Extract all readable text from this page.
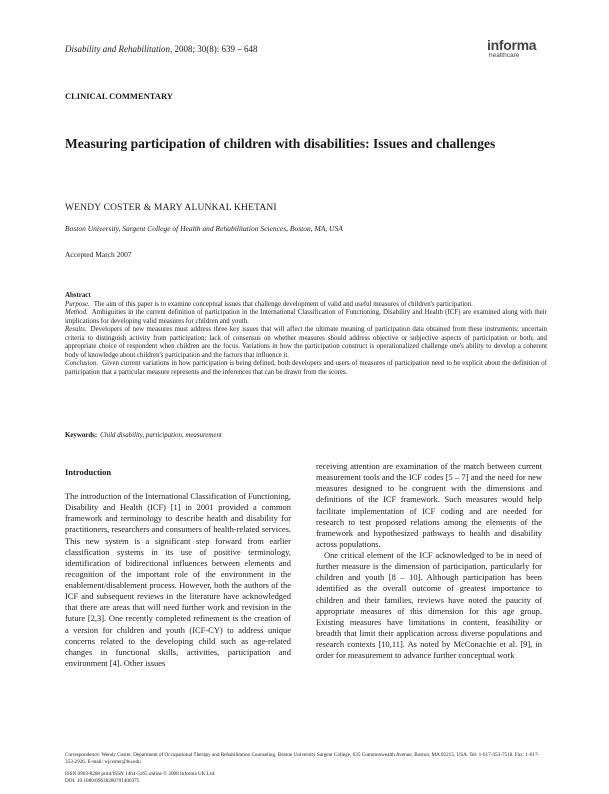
Disability and Rehabilitation, 2008; 30(8): 639 – 648	informa
healthcare
CLINICAL COMMENTARY
Measuring participation of children with disabilities: Issues and challenges
WENDY COSTER & MARY ALUNKAL KHETANI
Boston University, Sargent College of Health and Rehabilitation Sciences, Boston, MA, USA
Accepted March 2007

Abstract

Purpose. The aim of this paper is to examine conceptual issues that challenge development of valid and useful measures of children's participation.

Method. Ambiguities in the current definition of participation in the International Classification of Functioning, Disability and Health (ICF) are examined along with their implications for developing valid measures for children and youth.

Results. Developers of new measures must address three key issues that will affect the ultimate meaning of participation data obtained from these instruments: uncertain criteria to distinguish activity from participation; lack of consensus on whether measures should address objective or subjective aspects of participation or both; and appropriate choice of respondent when children are the focus. Variations in how the participation construct is operationalized challenge one's ability to develop a coherent body of knowledge about children's participation and the factors that influence it.

Conclusion. Given current variations in how participation is being defined, both developers and users of measures of participation need to be explicit about the definition of participation that a particular measure represents and the inferences that can be drawn from the scores.

Keywords: Child disability, participation, measurement
Introduction

The introduction of the International Classification of Functioning, Disability and Health (ICF) [1] in 2001 provided a common framework and terminology to describe health and disability for practitioners, researchers and consumers of health-related services. This new system is a significant step forward from earlier classification systems in its use of positive terminology, identification of bidirectional influences between elements and recognition of the important role of the environment in the enablement/disablement process. However, both the authors of the ICF and subsequent reviews in the literature have acknowledged that there are areas that will need further work and revision in the future [2,3]. One recently completed refinement is the creation of a version for children and youth (ICF-CY) to address unique concerns related to the developing child such as age-related changes in functional skills, activities, participation and environment [4]. Other issues

receiving attention are examination of the match between current measurement tools and the ICF codes [5 – 7] and the need for new measures designed to be congruent with the dimensions and definitions of the ICF framework. Such measures would help facilitate implementation of ICF coding and are needed for research to test proposed relations among the elements of the framework and hypothesized pathways to health and disability across populations.

One critical element of the ICF acknowledged to be in need of further measure is the dimension of participation, particularly for children and youth [8 – 10]. Although participation has been identified as the overall outcome of greatest importance to children and their families, reviews have noted the paucity of appropriate measures of this dimension for this age group. Existing measures have limitations in content, feasibility or breadth that limit their application across diverse populations and research contexts [10,11]. As noted by McConachie et al. [9], in order for measurement to advance further conceptual work

Correspondence: Wendy Coster, Department of Occupational Therapy and Rehabilitation Counseling, Boston University Sargent College, 635 Commonwealth Avenue, Boston, MA 02215, USA. Tel: 1-617-353-7518. Fax: 1-617-353-2926. E-mail: wjcoster@bu.edu

ISSN 0963-8288 print/ISSN 1464-5165 online © 2008 Informa UK Ltd.

DOI: 10.1080/09638280701400375
